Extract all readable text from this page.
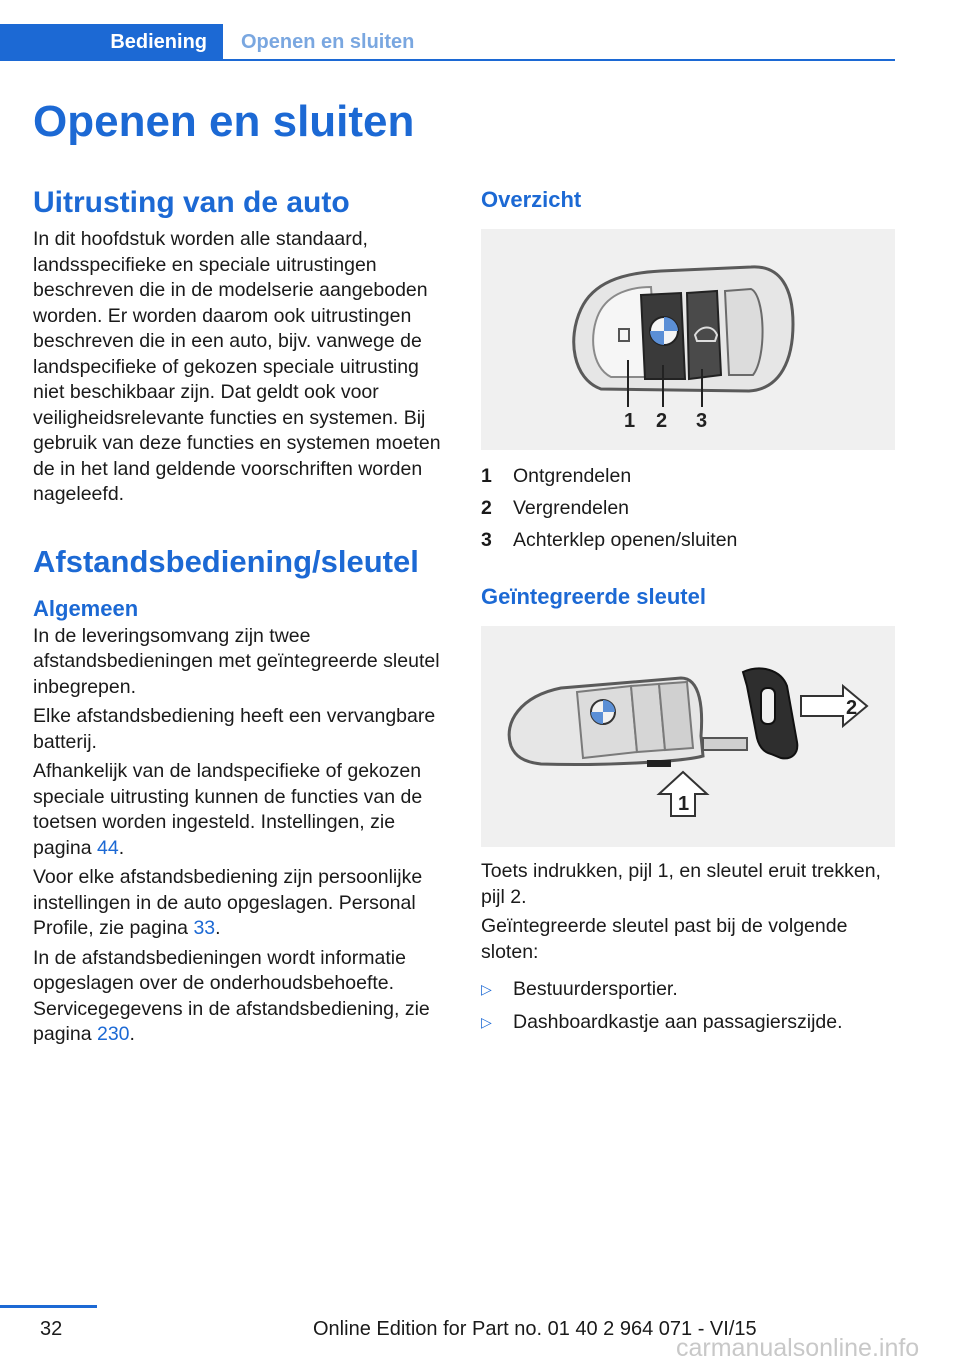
Bediening	Openen en sluiten
Openen en sluiten
Uitrusting van de auto

In dit hoofdstuk worden alle standaard, landsspecifieke en speciale uitrustingen beschreven die in de modelserie aangeboden worden. Er worden daarom ook uitrustingen beschreven die in een auto, bijv. vanwege de landspecifieke of gekozen speciale uitrusting niet beschikbaar zijn. Dat geldt ook voor veiligheidsrelevante functies en systemen. Bij gebruik van deze functies en systemen moeten de in het land geldende voorschriften worden nageleefd.

Afstandsbediening/sleutel
Algemeen

In de leveringsomvang zijn twee afstandsbedieningen met geïntegreerde sleutel inbegrepen.

Elke afstandsbediening heeft een vervangbare batterij.

Afhankelijk van de landspecifieke of gekozen speciale uitrusting kunnen de functies van de toetsen worden ingesteld. Instellingen, zie pagina 44.

Voor elke afstandsbediening zijn persoonlijke instellingen in de auto opgeslagen. Personal Profile, zie pagina 33.

In de afstandsbedieningen wordt informatie opgeslagen over de onderhoudsbehoefte. Servicegegevens in de afstandsbediening, zie pagina 230.

Overzicht
1 2 3
1	Ontgrendelen
2	Vergrendelen
3	Achterklep openen/sluiten
Geïntegreerde sleutel
2
1

Toets indrukken, pijl 1, en sleutel eruit trekken, pijl 2.

Geïntegreerde sleutel past bij de volgende sloten:

▷	Bestuurdersportier.
▷	Dashboardkastje aan passagierszijde.
32	Online Edition for Part no. 01 40 2 964 071 - VI/15
carmanualsonline.info
